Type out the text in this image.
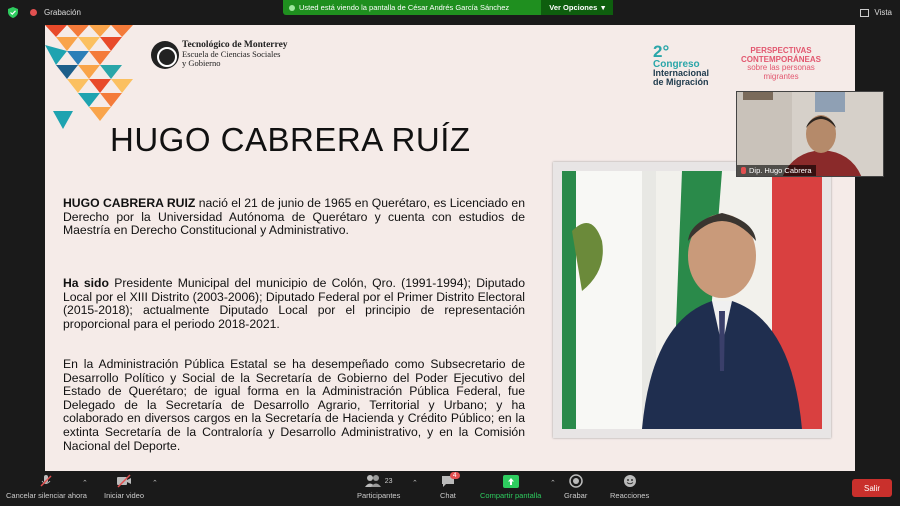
Grabación
Usted está viendo la pantalla de César Andrés García Sánchez	Ver Opciones ▾
Vista
Tecnológico de Monterrey
Escuela de Ciencias Sociales
y Gobierno
2°
Congreso
Internacional
de Migración
PERSPECTIVAS
CONTEMPORÁNEAS
sobre las personas
migrantes
HUGO CABRERA RUÍZ

HUGO CABRERA RUIZ nació el 21 de junio de 1965 en Querétaro, es Licenciado en Derecho por la Universidad Autónoma de Querétaro y cuenta con estudios de Maestría en Derecho Constitucional y Administrativo.

Ha sido Presidente Municipal del municipio de Colón, Qro. (1991-1994); Diputado Local por el XIII Distrito (2003-2006); Diputado Federal por el Primer Distrito Electoral (2015-2018); actualmente Diputado Local por el principio de representación proporcional para el periodo 2018-2021.

En la Administración Pública Estatal se ha desempeñado como Subsecretario de Desarrollo Político y Social de la Secretaría de Gobierno del Poder Ejecutivo del Estado de Querétaro; de igual forma en la Administración Pública Federal, fue Delegado de la Secretaría de Desarrollo Agrario, Territorial y Urbano; y ha colaborado en diversos cargos en la Secretaría de Hacienda y Crédito Público; en la extinta Secretaría de la Contraloría y Desarrollo Administrativo, y en la Comisión Nacional del Deporte.

Dip. Hugo Cabrera
Cancelar silenciar ahora
⌃
Iniciar video
⌃	23
Participantes
⌃
4
Chat	Compartir pantalla
⌃
Grabar	Reacciones
Salir
